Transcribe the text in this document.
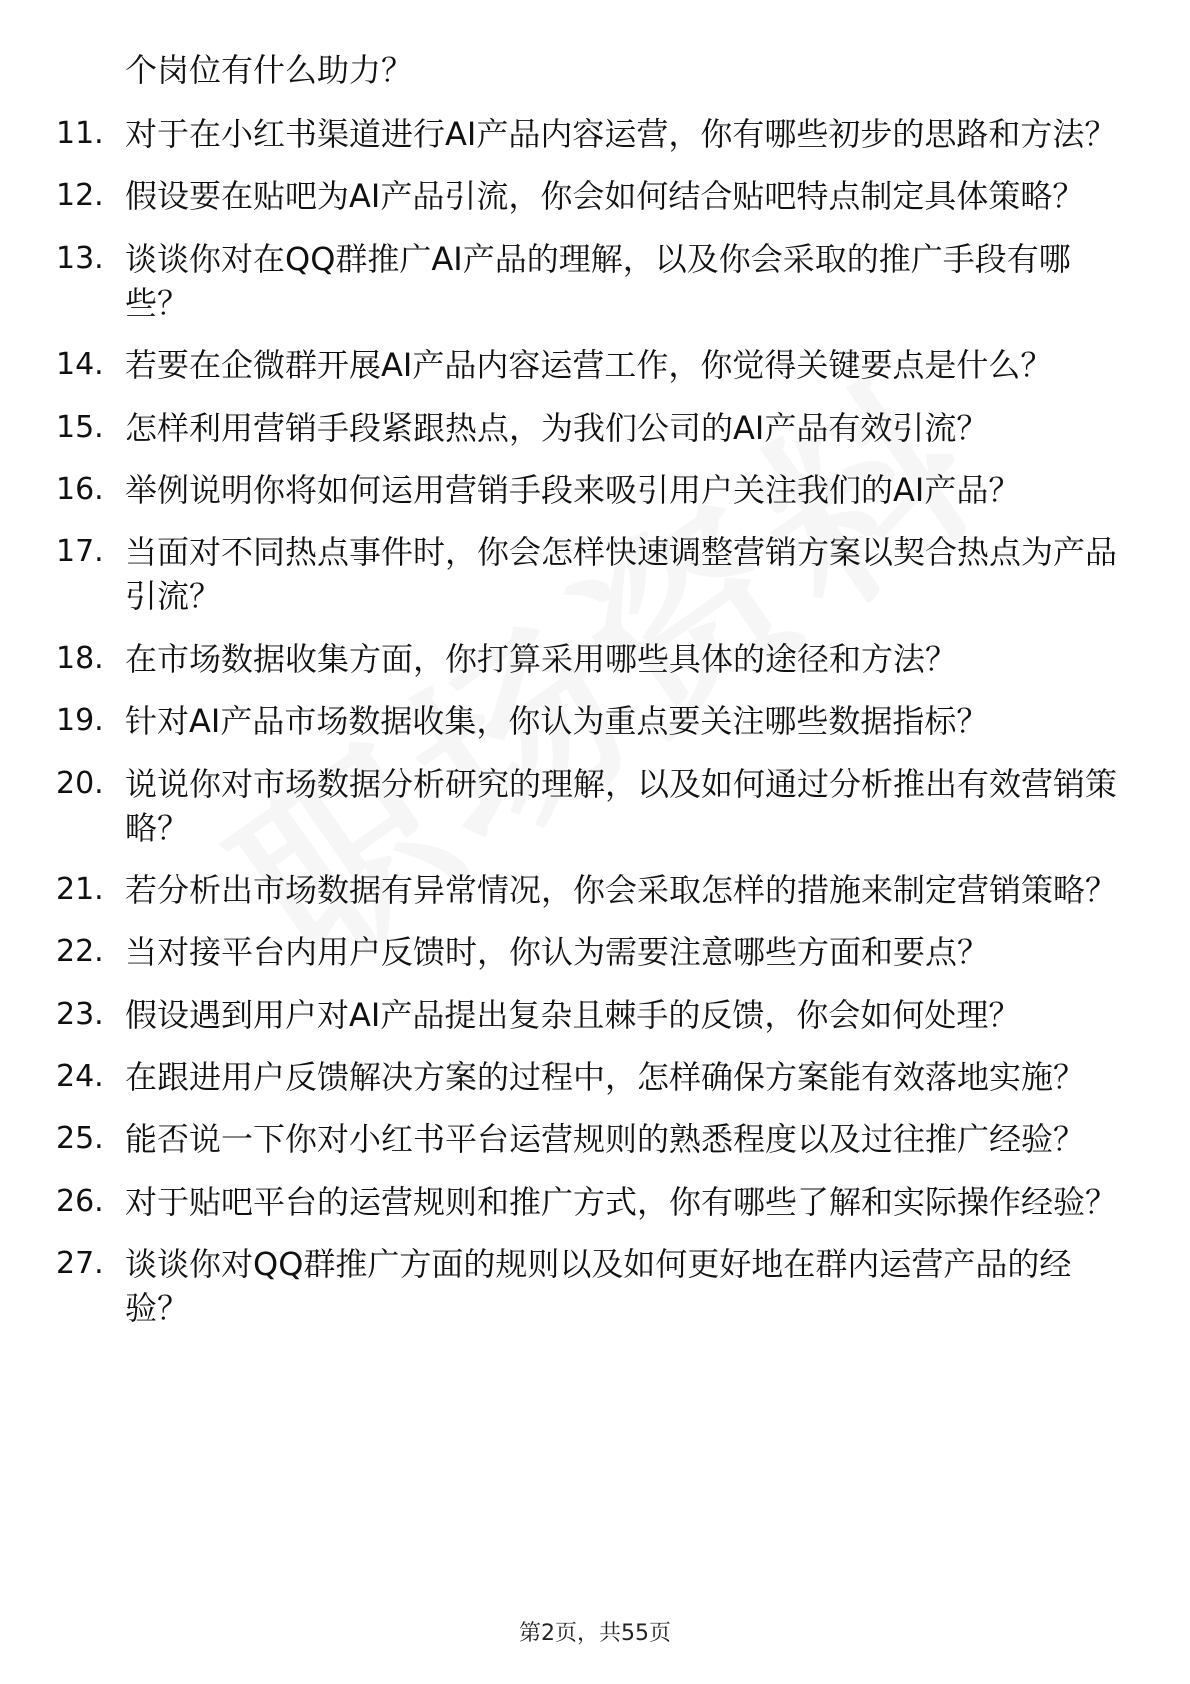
个岗位有什么助力？
11. 对于在小红书渠道进行AI产品内容运营，你有哪些初步的思路和方法？
12. 假设要在贴吧为AI产品引流，你会如何结合贴吧特点制定具体策略？
13. 谈谈你对在QQ群推广AI产品的理解，以及你会采取的推广手段有哪些？
14. 若要在企微群开展AI产品内容运营工作，你觉得关键要点是什么？
15. 怎样利用营销手段紧跟热点，为我们公司的AI产品有效引流？
16. 举例说明你将如何运用营销手段来吸引用户关注我们的AI产品？
17. 当面对不同热点事件时，你会怎样快速调整营销方案以契合热点为产品引流？
18. 在市场数据收集方面，你打算采用哪些具体的途径和方法？
19. 针对AI产品市场数据收集，你认为重点要关注哪些数据指标？
20. 说说你对市场数据分析研究的理解，以及如何通过分析推出有效营销策略？
21. 若分析出市场数据有异常情况，你会采取怎样的措施来制定营销策略？
22. 当对接平台内用户反馈时，你认为需要注意哪些方面和要点？
23. 假设遇到用户对AI产品提出复杂且棘手的反馈，你会如何处理？
24. 在跟进用户反馈解决方案的过程中，怎样确保方案能有效落地实施？
25. 能否说一下你对小红书平台运营规则的熟悉程度以及过往推广经验？
26. 对于贴吧平台的运营规则和推广方式，你有哪些了解和实际操作经验？
27. 谈谈你对QQ群推广方面的规则以及如何更好地在群内运营产品的经验？
第2页，共55页
